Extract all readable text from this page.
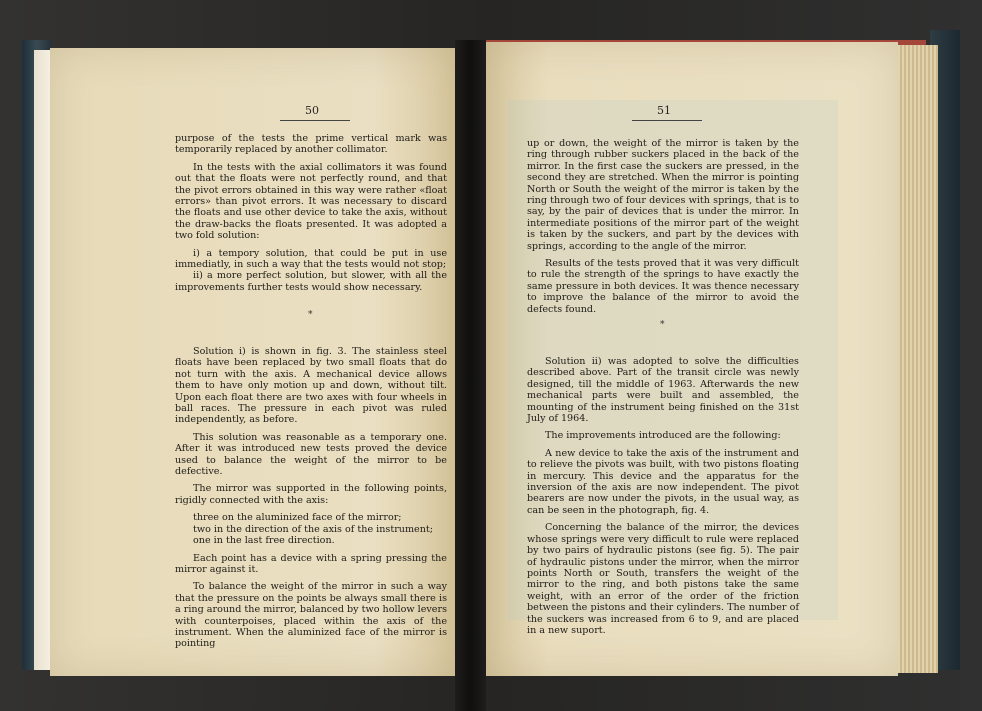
50

purpose of the tests the prime vertical mark was temporarily replaced by another collimator.

In the tests with the axial collimators it was found out that the floats were not perfectly round, and that the pivot errors obtained in this way were rather «float errors» than pivot errors. It was necessary to discard the floats and use other device to take the axis, without the draw-backs the floats presented. It was adopted a two fold solution:

i) a tempory solution, that could be put in use immediatly, in such a way that the tests would not stop;

ii) a more perfect solution, but slower, with all the improvements further tests would show necessary.

*

Solution i) is shown in fig. 3. The stainless steel floats have been replaced by two small floats that do not turn with the axis. A mechanical device allows them to have only motion up and down, without tilt. Upon each float there are two axes with four wheels in ball races. The pressure in each pivot was ruled independently, as before.

This solution was reasonable as a temporary one. After it was introduced new tests proved the device used to balance the weight of the mirror to be defective.

The mirror was supported in the following points, rigidly connected with the axis:

three on the aluminized face of the mirror;

two in the direction of the axis of the instrument;

one in the last free direction.

Each point has a device with a spring pressing the mirror against it.

To balance the weight of the mirror in such a way that the pressure on the points be always small there is a ring around the mirror, balanced by two hollow levers with counterpoises, placed within the axis of the instrument. When the aluminized face of the mirror is pointing

51

up or down, the weight of the mirror is taken by the ring through rubber suckers placed in the back of the mirror. In the first case the suckers are pressed, in the second they are stretched. When the mirror is pointing North or South the weight of the mirror is taken by the ring through two of four devices with springs, that is to say, by the pair of devices that is under the mirror. In intermediate positions of the mirror part of the weight is taken by the suckers, and part by the devices with springs, according to the angle of the mirror.

Results of the tests proved that it was very difficult to rule the strength of the springs to have exactly the same pressure in both devices. It was thence necessary to improve the balance of the mirror to avoid the defects found.

*

Solution ii) was adopted to solve the difficulties described above. Part of the transit circle was newly designed, till the middle of 1963. Afterwards the new mechanical parts were built and assembled, the mounting of the instrument being finished on the 31st July of 1964.

The improvements introduced are the following:

A new device to take the axis of the instrument and to relieve the pivots was built, with two pistons floating in mercury. This device and the apparatus for the inversion of the axis are now independent. The pivot bearers are now under the pivots, in the usual way, as can be seen in the photograph, fig. 4.

Concerning the balance of the mirror, the devices whose springs were very difficult to rule were replaced by two pairs of hydraulic pistons (see fig. 5). The pair of hydraulic pistons under the mirror, when the mirror points North or South, transfers the weight of the mirror to the ring, and both pistons take the same weight, with an error of the order of the friction between the pistons and their cylinders. The number of the suckers was increased from 6 to 9, and are placed in a new suport.
